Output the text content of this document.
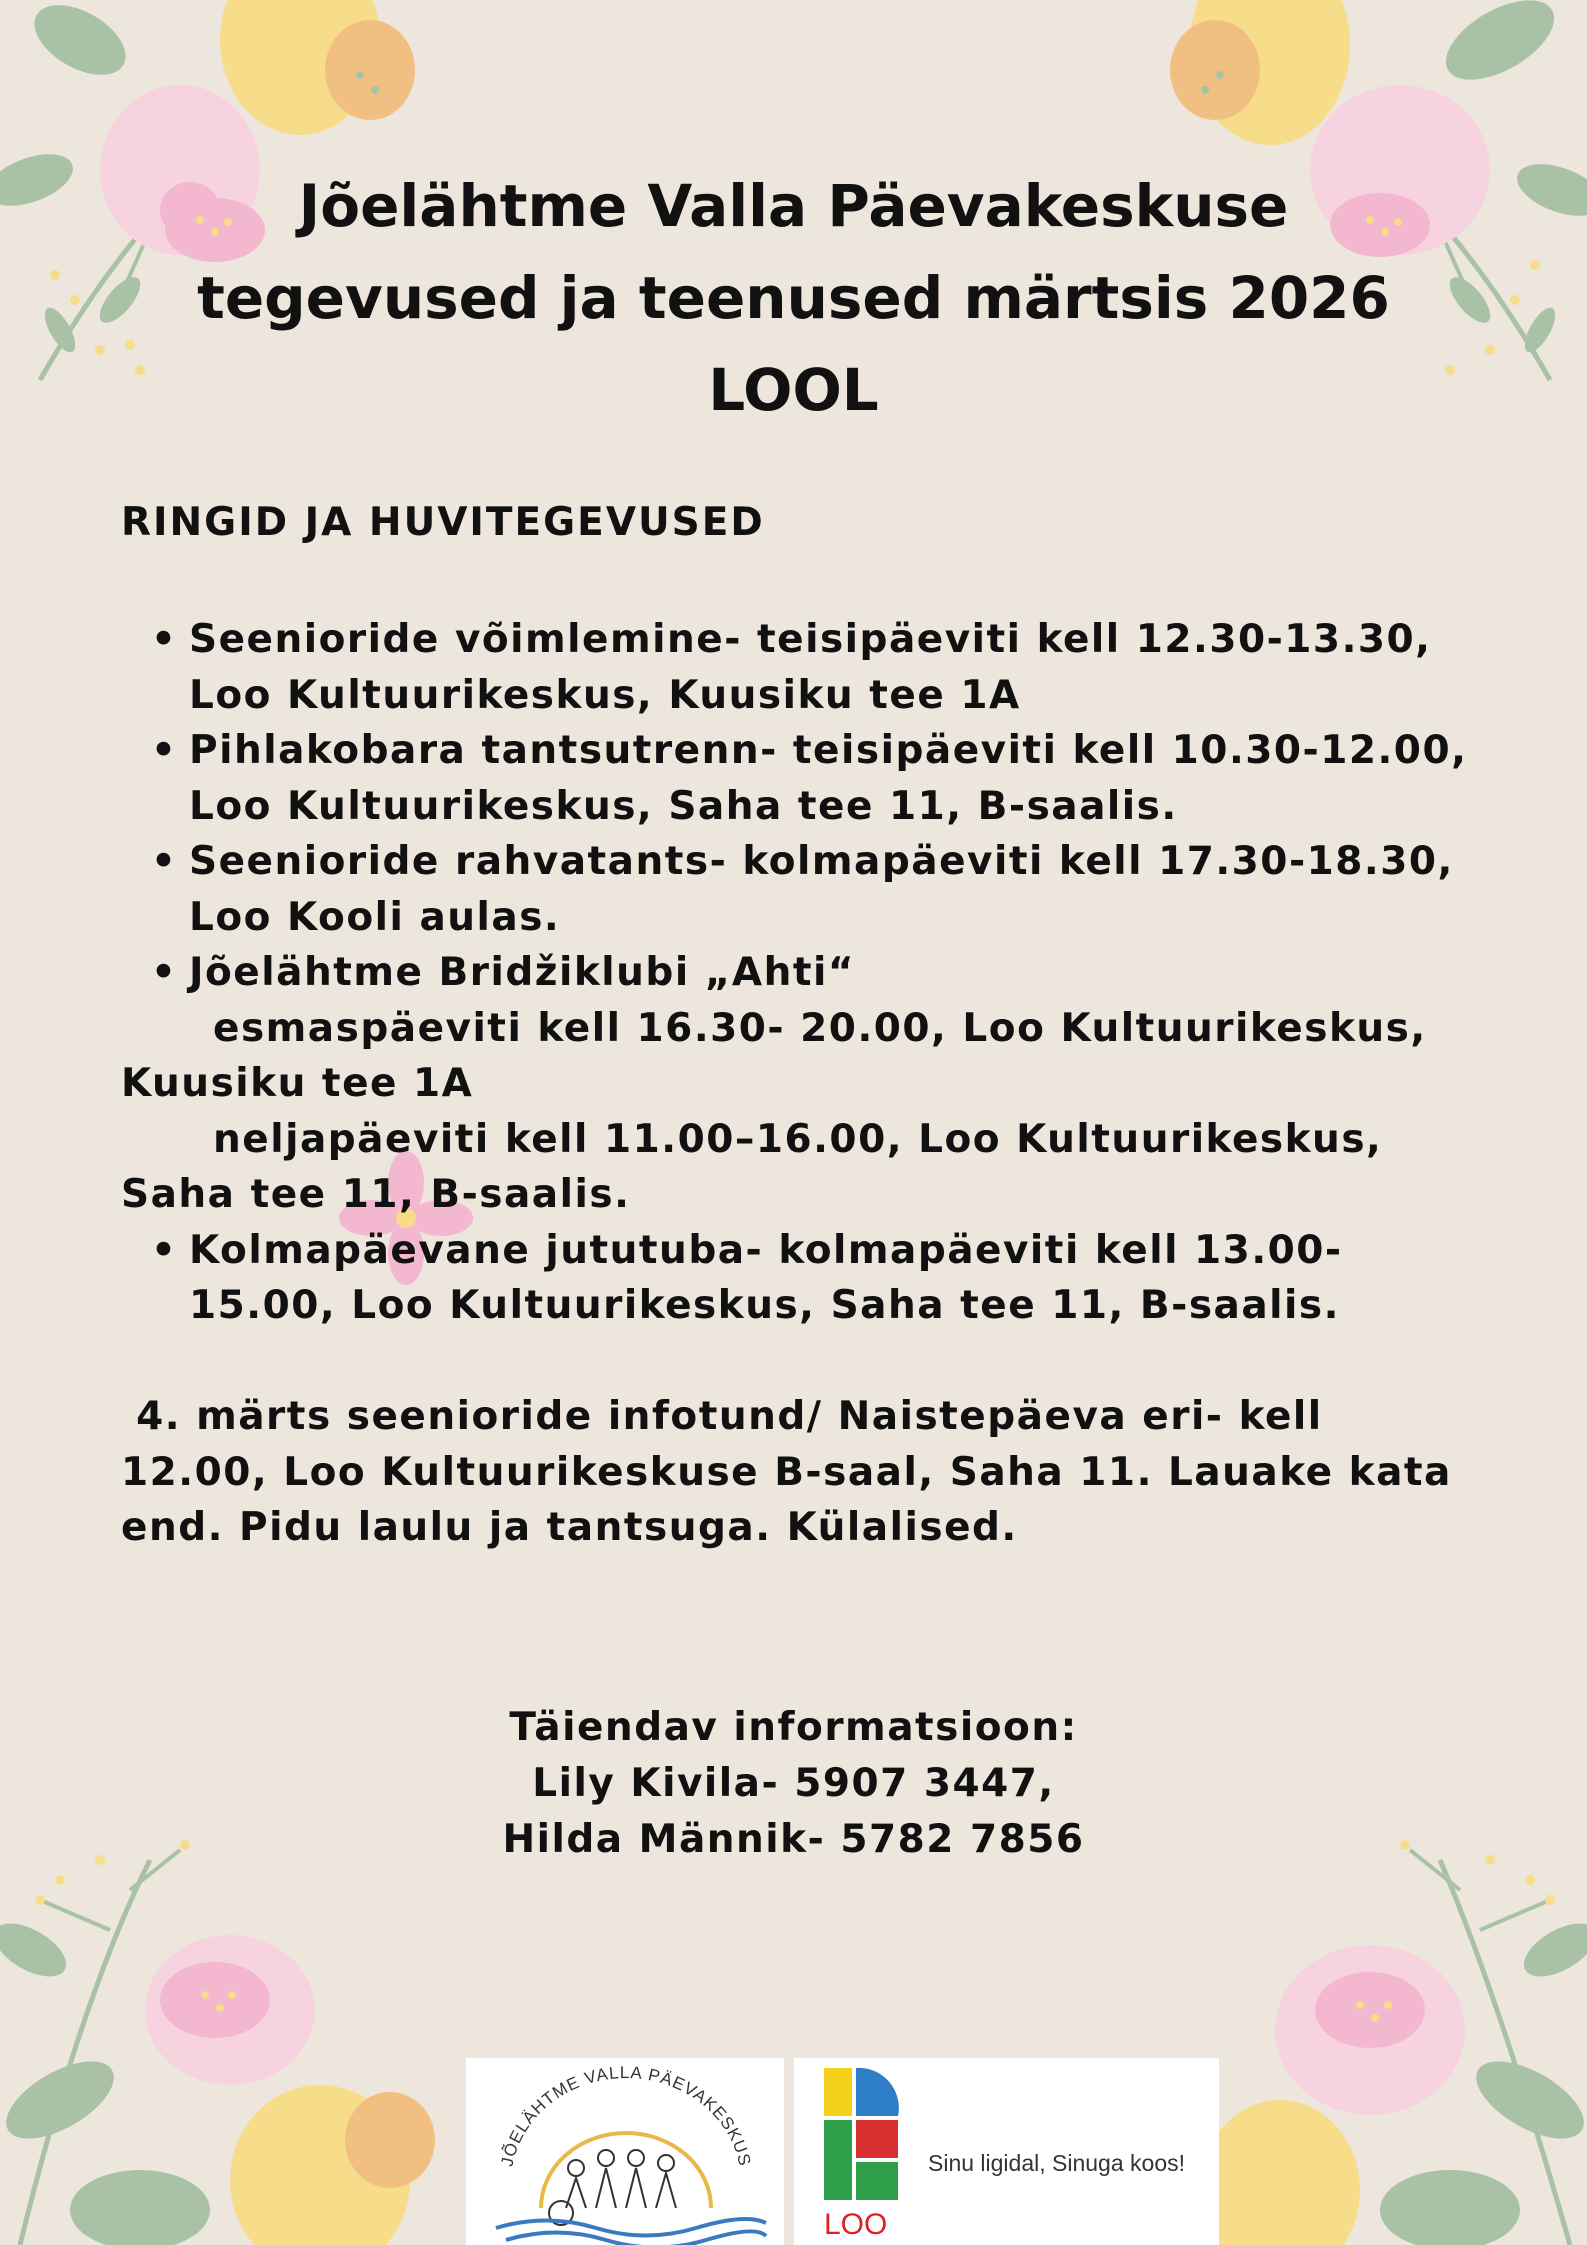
Jõelähtme Valla Päevakeskuse
tegevused ja teenused märtsis 2026
LOOL
RINGID JA HUVITEGEVUSED
• Seenioride võimlemine- teisipäeviti kell 12.30-13.30,
Loo Kultuurikeskus, Kuusiku tee 1A
• Pihlakobara tantsutrenn- teisipäeviti kell 10.30-12.00,
Loo Kultuurikeskus, Saha tee 11, B-saalis.
• Seenioride rahvatants- kolmapäeviti kell 17.30-18.30,
Loo Kooli aulas.
• Jõelähtme Bridžiklubi „Ahti“
esmaspäeviti kell 16.30- 20.00, Loo Kultuurikeskus,
Kuusiku tee 1A
neljapäeviti kell 11.00–16.00, Loo Kultuurikeskus,
Saha tee 11, B-saalis.
• Kolmapäevane jututuba- kolmapäeviti kell 13.00-
15.00, Loo Kultuurikeskus, Saha tee 11, B-saalis.
4. märts seenioride infotund/ Naistepäeva eri- kell
12.00, Loo Kultuurikeskuse B-saal, Saha 11. Lauake kata
end. Pidu laulu ja tantsuga. Külalised.
Täiendav informatsioon:
Lily Kivila- 5907 3447,
Hilda Männik- 5782 7856
JÕELÄHTME VALLA PÄEVAKESKUS	Sinu ligidal, Sinuga koos!
LOO
